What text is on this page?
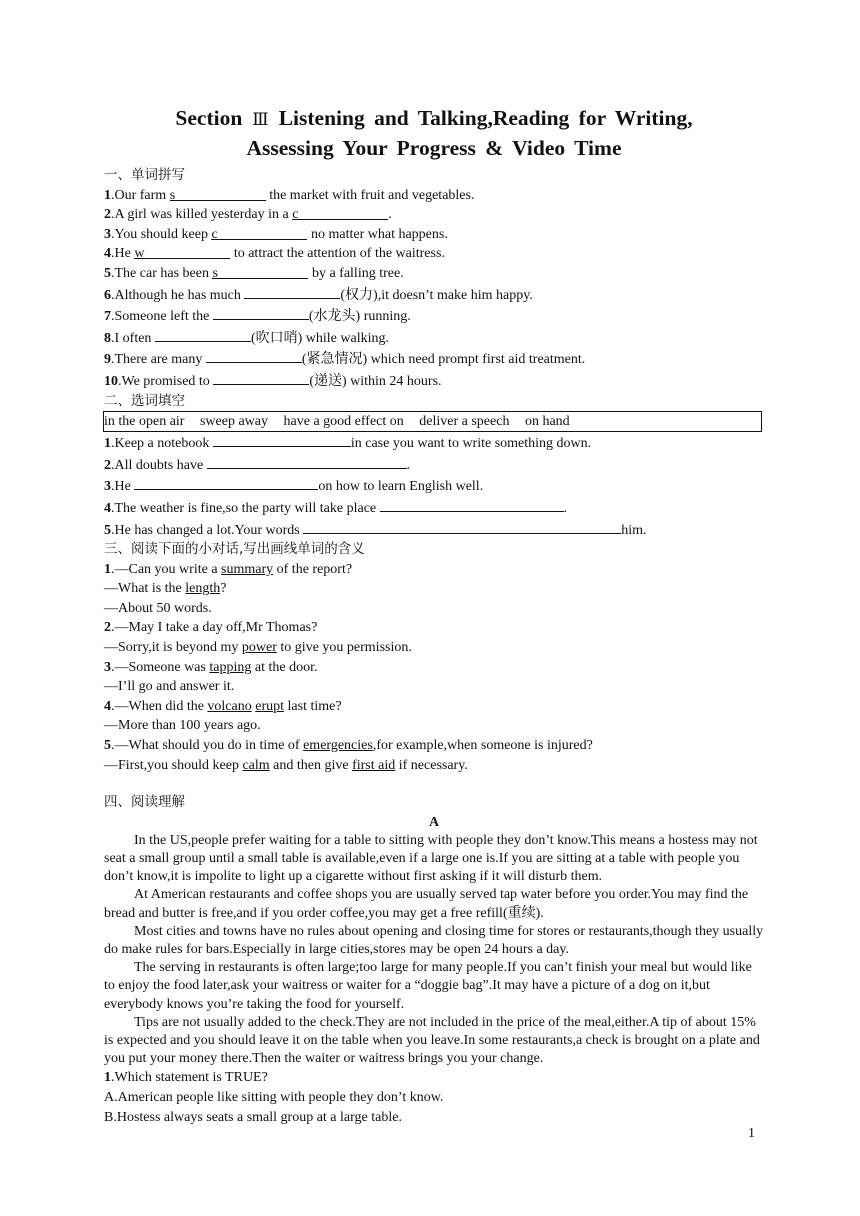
Section Ⅲ Listening and Talking,Reading for Writing,
Assessing Your Progress & Video Time
一、单词拼写
1.Our farm s	the market with fruit and vegetables.
2.A girl was killed yesterday in a c	.
3.You should keep c	no matter what happens.
4.He w	to attract the attention of the waitress.
5.The car has been s	by a falling tree.
6.Although he has much	(权力),it doesn’t make him happy.
7.Someone left the	(水龙头) running.
8.I often	(吹口哨) while walking.
9.There are many	(紧急情况) which need prompt first aid treatment.
10.We promised to	(递送) within 24 hours.
二、选词填空
in the open air sweep away have a good effect on deliver a speech on hand
1.Keep a notebook	in case you want to write something down.
2.All doubts have	.
3.He	on how to learn English well.
4.The weather is fine,so the party will take place	.
5.He has changed a lot.Your words	him.
三、阅读下面的小对话,写出画线单词的含义
1.—Can you write a summary of the report?
—What is the length?
—About 50 words.
2.—May I take a day off,Mr Thomas?
—Sorry,it is beyond my power to give you permission.
3.—Someone was tapping at the door.
—I’ll go and answer it.
4.—When did the volcano erupt last time?
—More than 100 years ago.
5.—What should you do in time of emergencies,for example,when someone is injured?
—First,you should keep calm and then give first aid if necessary.
四、阅读理解
A

In the US,people prefer waiting for a table to sitting with people they don’t know.This means a hostess may not seat a small group until a small table is available,even if a large one is.If you are sitting at a table with people you don’t know,it is impolite to light up a cigarette without first asking if it will disturb them.

At American restaurants and coffee shops you are usually served tap water before you order.You may find the bread and butter is free,and if you order coffee,you may get a free refill(重续).

Most cities and towns have no rules about opening and closing time for stores or restaurants,though they usually do make rules for bars.Especially in large cities,stores may be open 24 hours a day.

The serving in restaurants is often large;too large for many people.If you can’t finish your meal but would like to enjoy the food later,ask your waitress or waiter for a “doggie bag”.It may have a picture of a dog on it,but everybody knows you’re taking the food for yourself.

Tips are not usually added to the check.They are not included in the price of the meal,either.A tip of about 15% is expected and you should leave it on the table when you leave.In some restaurants,a check is brought on a plate and you put your money there.Then the waiter or waitress brings you your change.

1.Which statement is TRUE?
A.American people like sitting with people they don’t know.
B.Hostess always seats a small group at a large table.
1
